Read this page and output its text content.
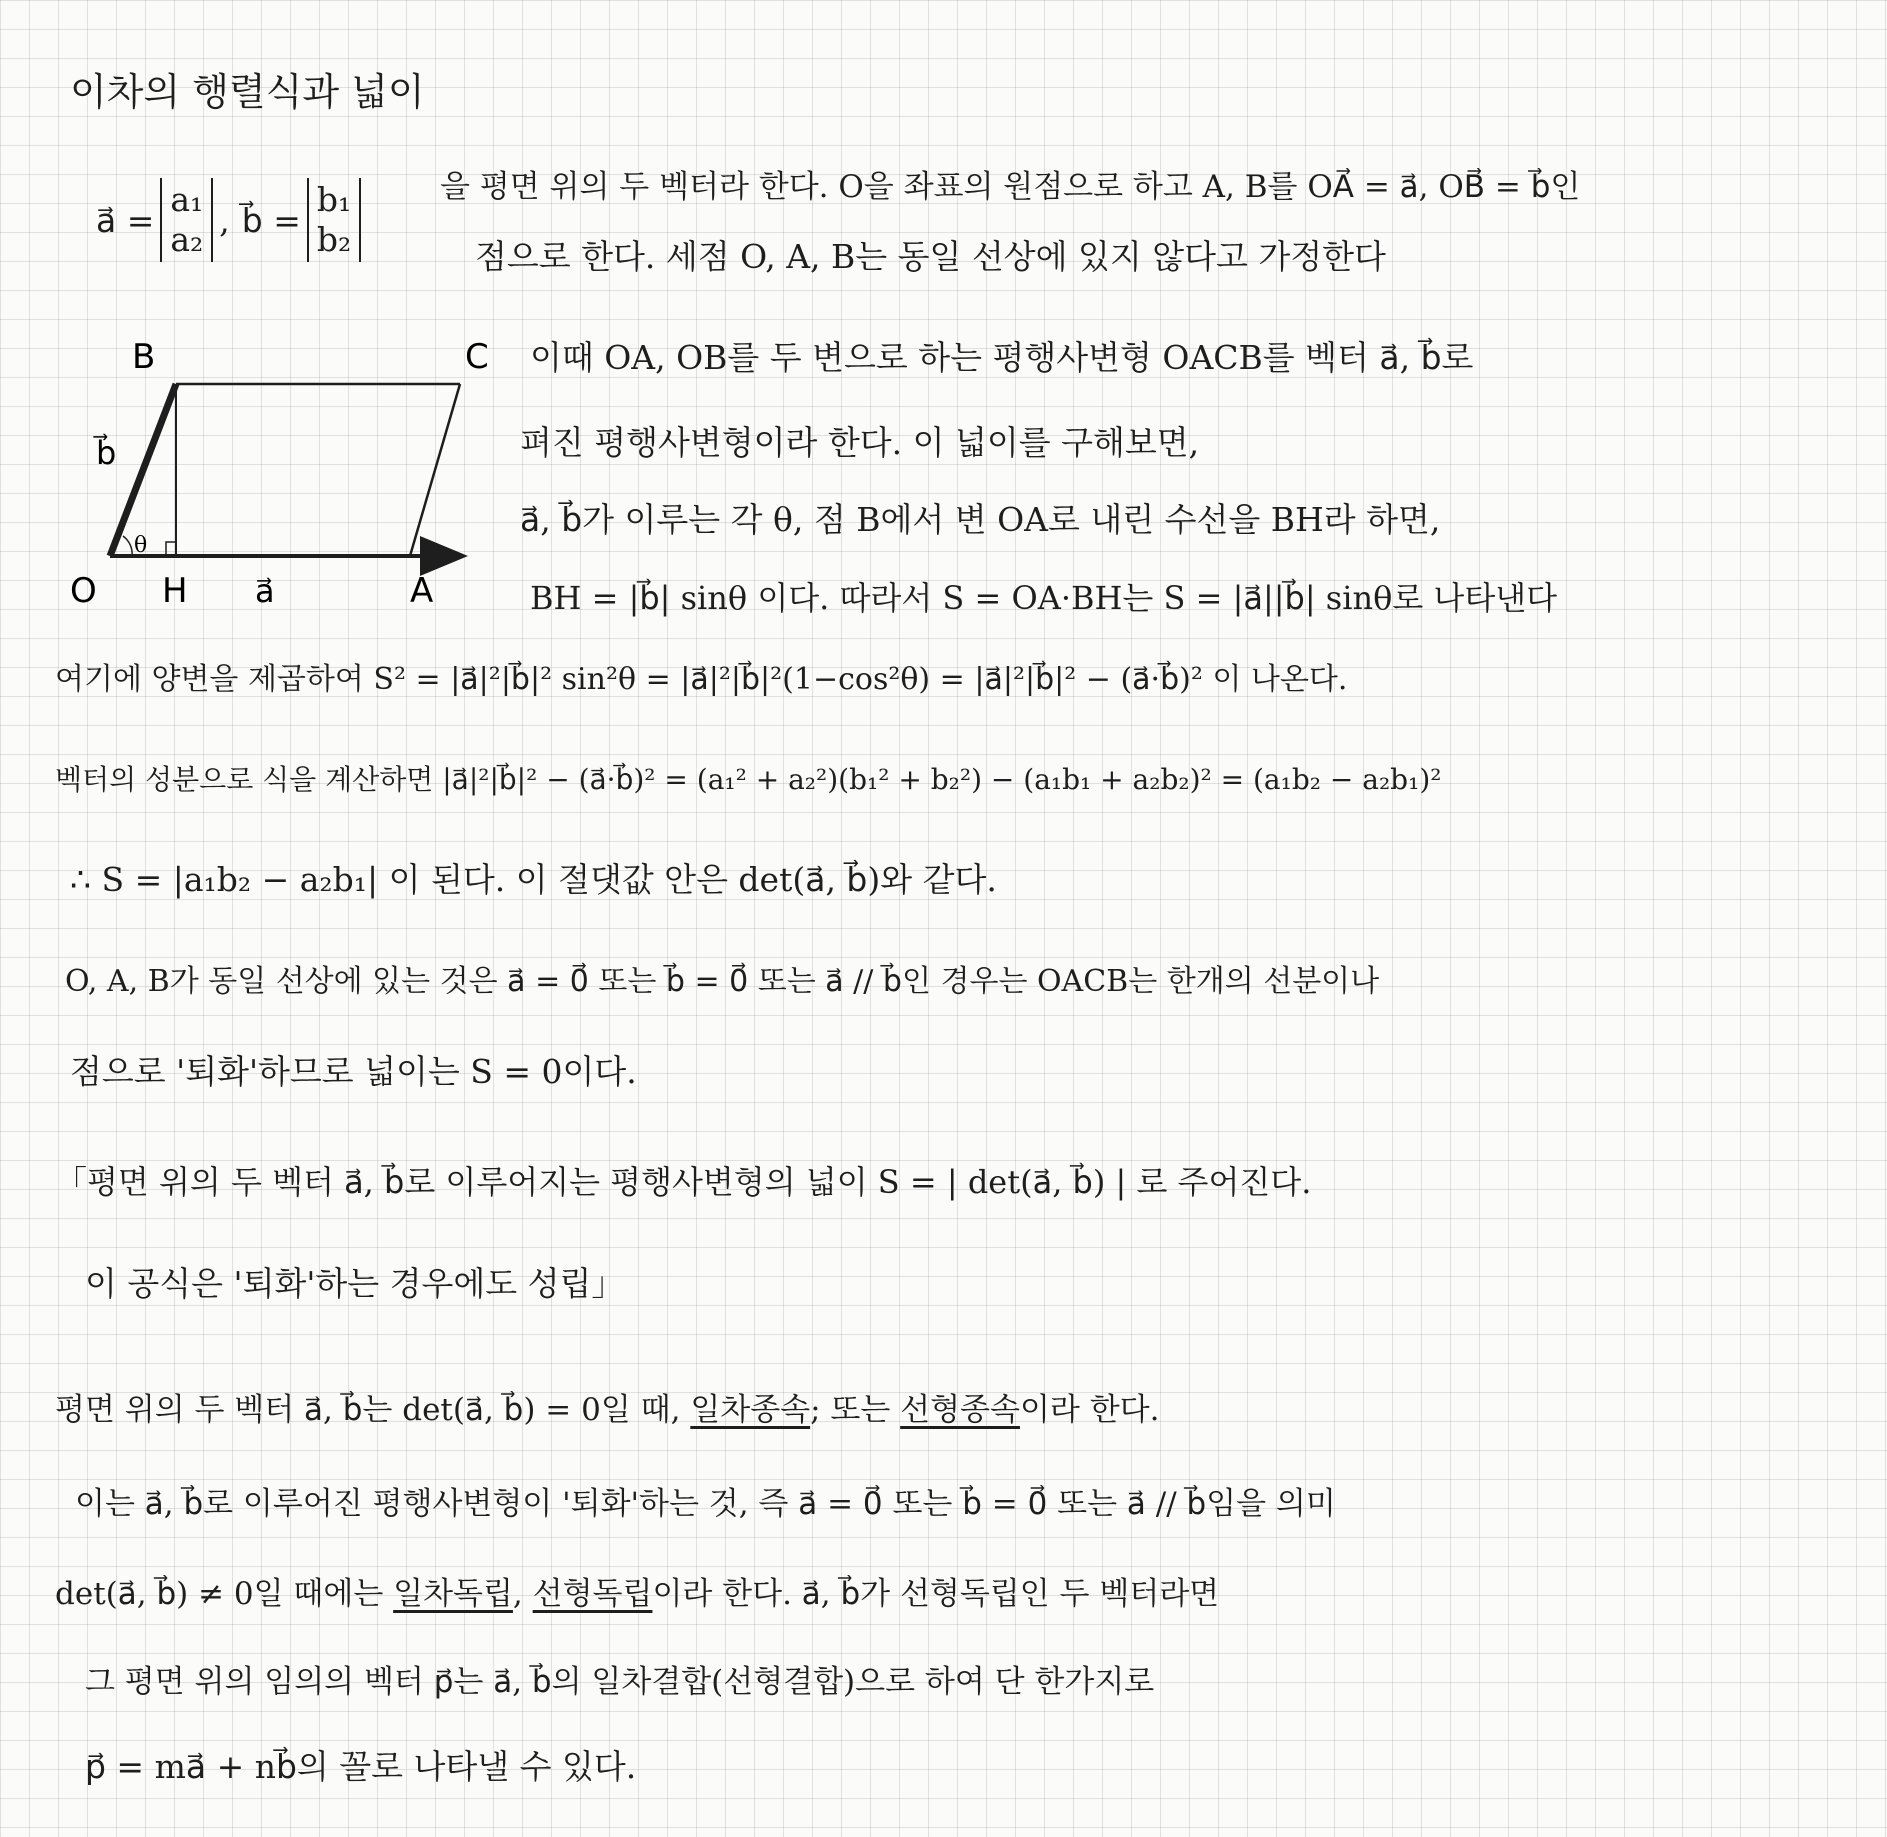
이차의 행렬식과 넓이
a⃗ =a₁
a₂ , b⃗ =b₁
b₂
을 평면 위의 두 벡터라 한다. O을 좌표의 원점으로 하고 A, B를 OA⃗ = a⃗, OB⃗ = b⃗인
점으로 한다. 세점 O, A, B는 동일 선상에 있지 않다고 가정한다
θ
B	C
O H a⃗	A
b⃗
이때 OA, OB를 두 변으로 하는 평행사변형 OACB를 벡터 a⃗, b⃗로
펴진 평행사변형이라 한다. 이 넓이를 구해보면,
a⃗, b⃗가 이루는 각 θ, 점 B에서 변 OA로 내린 수선을 BH라 하면,
BH = |b⃗| sinθ 이다. 따라서 S = OA·BH는 S = |a⃗||b⃗| sinθ로 나타낸다
여기에 양변을 제곱하여 S² = |a⃗|²|b⃗|² sin²θ = |a⃗|²|b⃗|²(1−cos²θ) = |a⃗|²|b⃗|² − (a⃗·b⃗)² 이 나온다.
벡터의 성분으로 식을 계산하면 |a⃗|²|b⃗|² − (a⃗·b⃗)² = (a₁² + a₂²)(b₁² + b₂²) − (a₁b₁ + a₂b₂)² = (a₁b₂ − a₂b₁)²
∴ S = |a₁b₂ − a₂b₁| 이 된다. 이 절댓값 안은 det(a⃗, b⃗)와 같다.
O, A, B가 동일 선상에 있는 것은 a⃗ = 0⃗ 또는 b⃗ = 0⃗ 또는 a⃗ // b⃗인 경우는 OACB는 한개의 선분이나
점으로 '퇴화'하므로 넓이는 S = 0이다.
「평면 위의 두 벡터 a⃗, b⃗로 이루어지는 평행사변형의 넓이 S = | det(a⃗, b⃗) | 로 주어진다.
이 공식은 '퇴화'하는 경우에도 성립」
평면 위의 두 벡터 a⃗, b⃗는 det(a⃗, b⃗) = 0일 때, 일차종속; 또는 선형종속이라 한다.
이는 a⃗, b⃗로 이루어진 평행사변형이 '퇴화'하는 것, 즉 a⃗ = 0⃗ 또는 b⃗ = 0⃗ 또는 a⃗ // b⃗임을 의미
det(a⃗, b⃗) ≠ 0일 때에는 일차독립, 선형독립이라 한다. a⃗, b⃗가 선형독립인 두 벡터라면
그 평면 위의 임의의 벡터 p⃗는 a⃗, b⃗의 일차결합(선형결합)으로 하여 단 한가지로
p⃗ = ma⃗ + nb⃗의 꼴로 나타낼 수 있다.
